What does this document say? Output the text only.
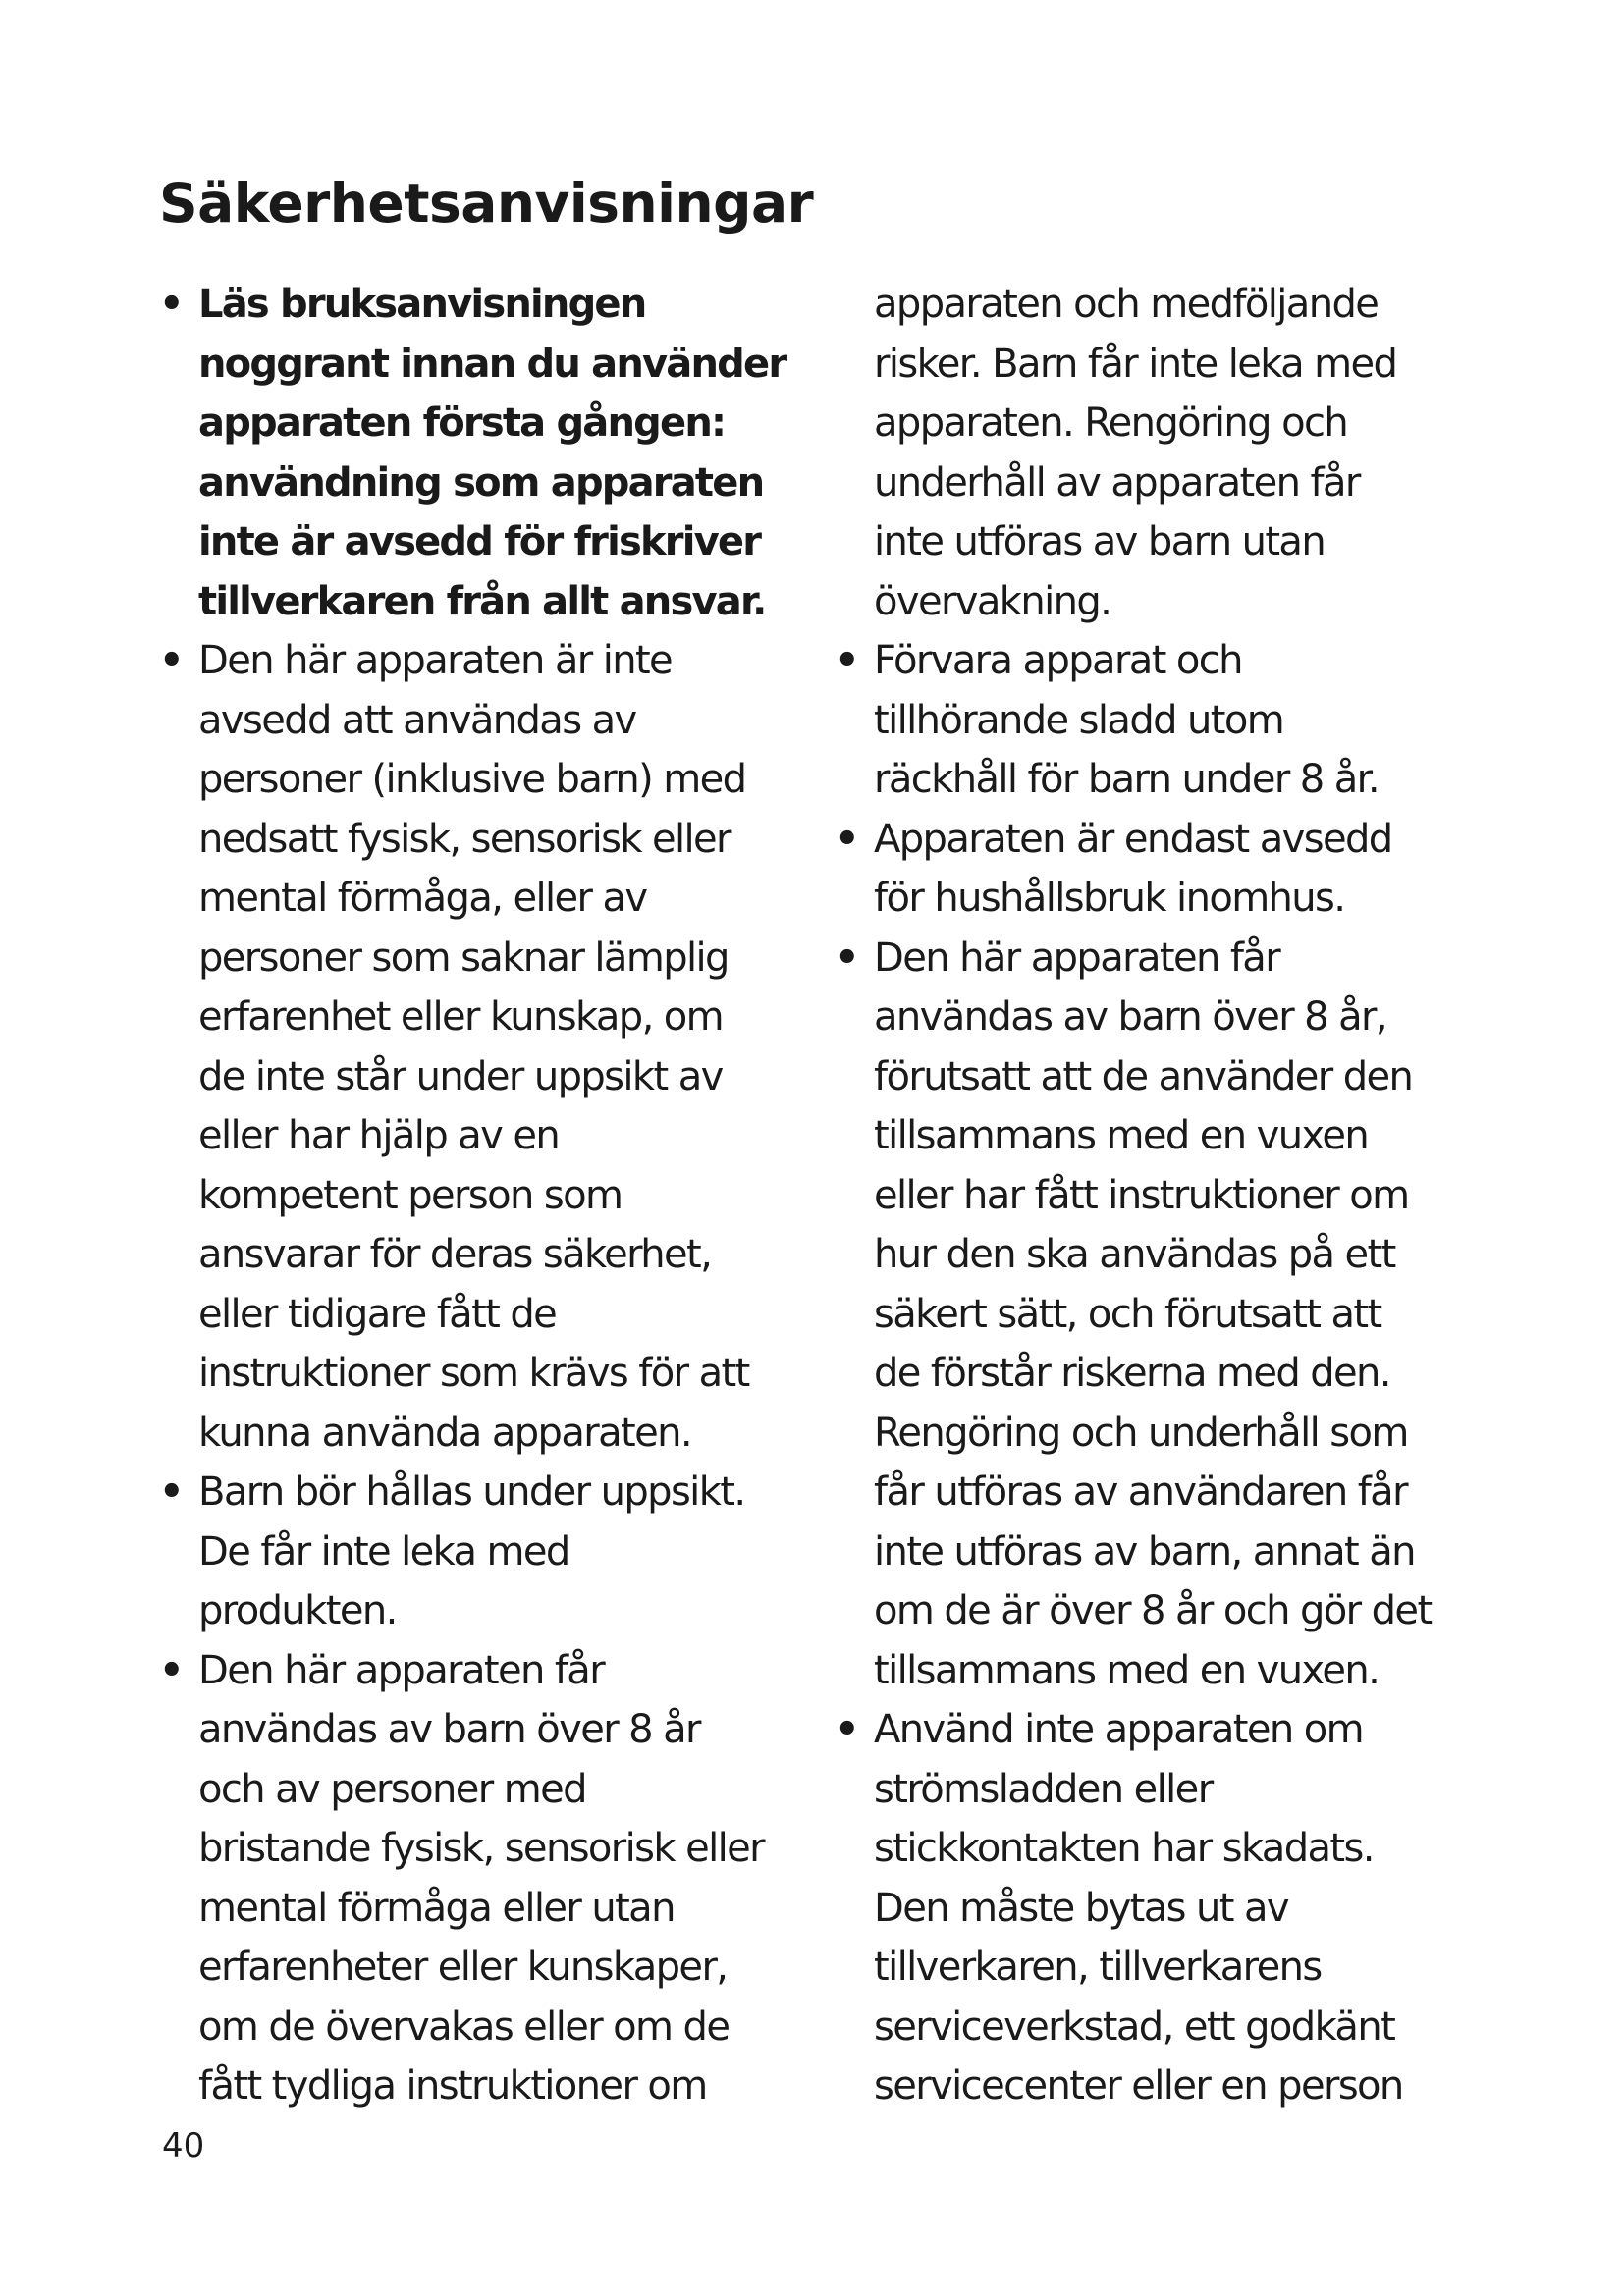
Säkerhetsanvisningar
• Läs bruksanvisningen
noggrant innan du använder
apparaten första gången:
användning som apparaten
inte är avsedd för friskriver
tillverkaren från allt ansvar.
• Den här apparaten är inte
avsedd att användas av
personer (inklusive barn) med
nedsatt fysisk, sensorisk eller
mental förmåga, eller av
personer som saknar lämplig
erfarenhet eller kunskap, om
de inte står under uppsikt av
eller har hjälp av en
kompetent person som
ansvarar för deras säkerhet,
eller tidigare fått de
instruktioner som krävs för att
kunna använda apparaten.
• Barn bör hållas under uppsikt.
De får inte leka med
produkten.
• Den här apparaten får
användas av barn över 8 år
och av personer med
bristande fysisk, sensorisk eller
mental förmåga eller utan
erfarenheter eller kunskaper,
om de övervakas eller om de
fått tydliga instruktioner om
apparaten och medföljande
risker. Barn får inte leka med
apparaten. Rengöring och
underhåll av apparaten får
inte utföras av barn utan
övervakning.
• Förvara apparat och
tillhörande sladd utom
räckhåll för barn under 8 år.
• Apparaten är endast avsedd
för hushållsbruk inomhus.
• Den här apparaten får
användas av barn över 8 år,
förutsatt att de använder den
tillsammans med en vuxen
eller har fått instruktioner om
hur den ska användas på ett
säkert sätt, och förutsatt att
de förstår riskerna med den.
Rengöring och underhåll som
får utföras av användaren får
inte utföras av barn, annat än
om de är över 8 år och gör det
tillsammans med en vuxen.
• Använd inte apparaten om
strömsladden eller
stickkontakten har skadats.
Den måste bytas ut av
tillverkaren, tillverkarens
serviceverkstad, ett godkänt
servicecenter eller en person
40
